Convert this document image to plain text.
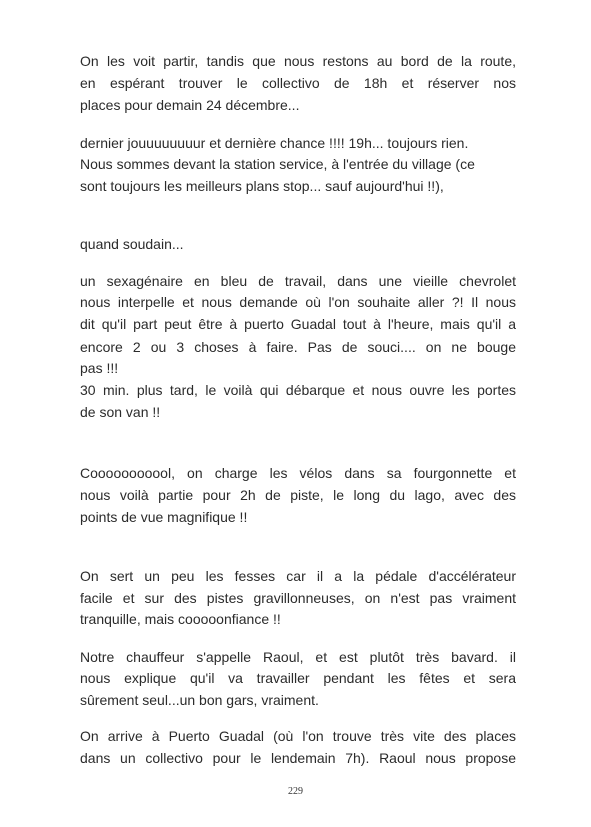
On les voit partir, tandis que nous restons au bord de la route,
en espérant trouver le collectivo de 18h et réserver nos
places pour demain 24 décembre...
dernier jouuuuuuuur et dernière chance !!!! 19h... toujours rien.
Nous sommes devant la station service, à l'entrée du village (ce
sont toujours les meilleurs plans stop... sauf aujourd'hui !!),
quand soudain...
un sexagénaire en bleu de travail, dans une vieille chevrolet
nous interpelle et nous demande où l'on souhaite aller ?! Il nous
dit qu'il part peut être à puerto Guadal tout à l'heure, mais qu'il a
encore 2 ou 3 choses à faire. Pas de souci.... on ne bouge
pas !!!
30 min. plus tard, le voilà qui débarque et nous ouvre les portes
de son van !!
Cooooooooool, on charge les vélos dans sa fourgonnette et
nous voilà partie pour 2h de piste, le long du lago, avec des
points de vue magnifique !!
On sert un peu les fesses car il a la pédale d'accélérateur
facile et sur des pistes gravillonneuses, on n'est pas vraiment
tranquille, mais cooooonfiance !!
Notre chauffeur s'appelle Raoul, et est plutôt très bavard. il
nous explique qu'il va travailler pendant les fêtes et sera
sûrement seul...un bon gars, vraiment.
On arrive à Puerto Guadal (où l'on trouve très vite des places
dans un collectivo pour le lendemain 7h). Raoul nous propose
229
